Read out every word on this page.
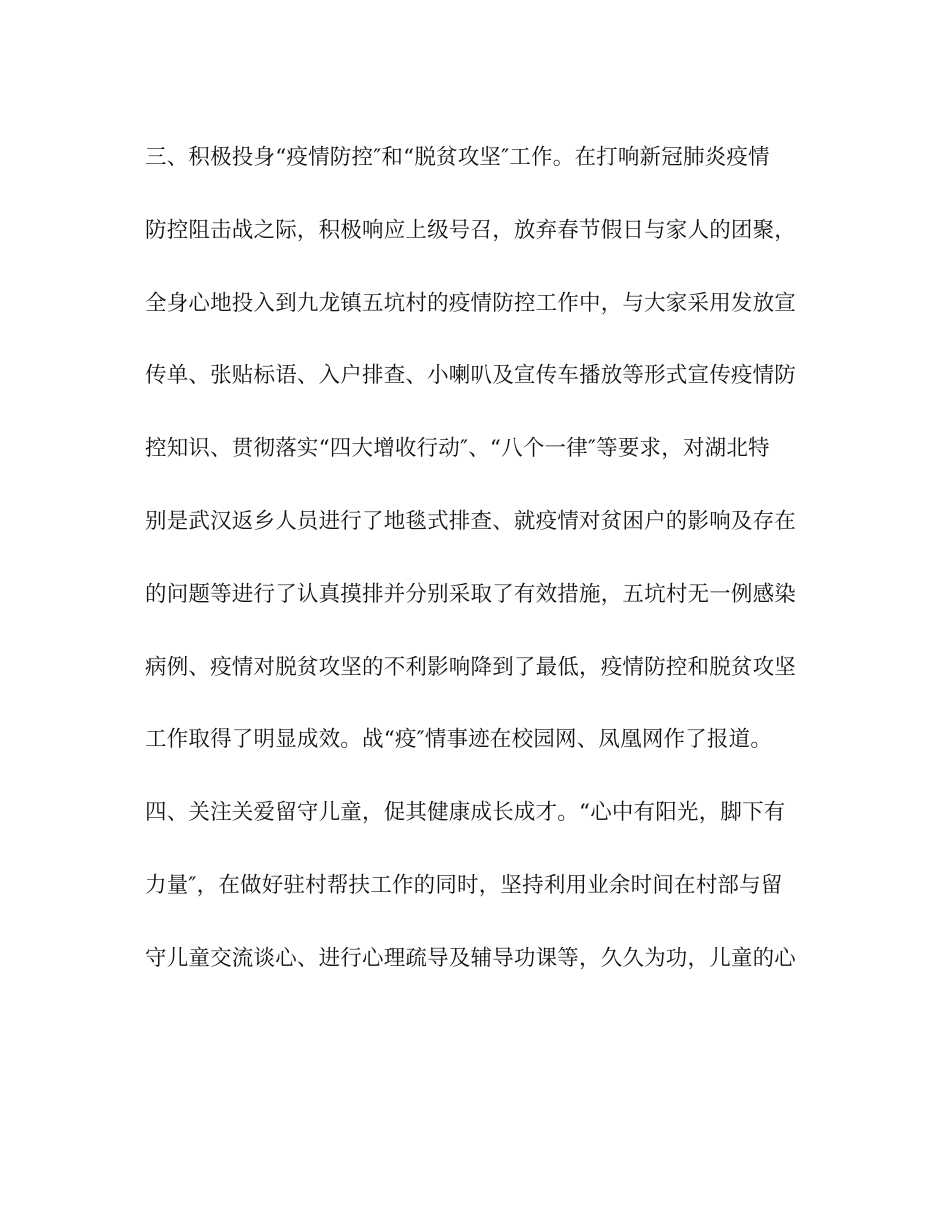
三、积极投身“疫情防控″和“脱贫攻坚″工作。在打响新冠肺炎疫情
防控阻击战之际，积极响应上级号召，放弃春节假日与家人的团聚，
全身心地投入到九龙镇五坑村的疫情防控工作中，与大家采用发放宣
传单、张贴标语、入户排查、小喇叭及宣传车播放等形式宣传疫情防
控知识、贯彻落实“四大增收行动″、“八个一律″等要求，对湖北特
别是武汉返乡人员进行了地毯式排查、就疫情对贫困户的影响及存在
的问题等进行了认真摸排并分别采取了有效措施，五坑村无一例感染
病例、疫情对脱贫攻坚的不利影响降到了最低，疫情防控和脱贫攻坚
工作取得了明显成效。战“疫″情事迹在校园网、凤凰网作了报道。
四、关注关爱留守儿童，促其健康成长成才。“心中有阳光，脚下有
力量″，在做好驻村帮扶工作的同时，坚持利用业余时间在村部与留
守儿童交流谈心、进行心理疏导及辅导功课等，久久为功，儿童的心
